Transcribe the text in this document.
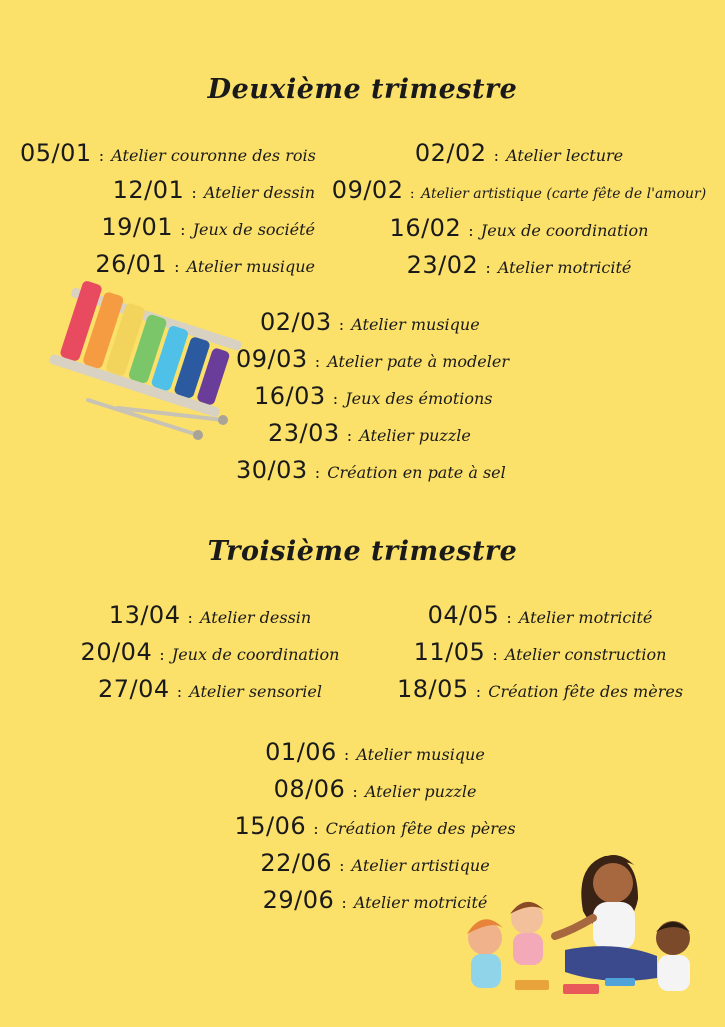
Deuxième trimestre
05/01 : Atelier couronne des rois
12/01 : Atelier dessin
19/01 : Jeux de société
26/01 : Atelier musique
02/02 : Atelier lecture
09/02 : Atelier artistique (carte fête de l'amour)
16/02 : Jeux de coordination
23/02 : Atelier motricité
02/03 : Atelier musique
09/03 : Atelier pate à modeler
16/03 : Jeux des émotions
23/03 : Atelier puzzle
30/03 : Création en pate à sel
Troisième trimestre
13/04 : Atelier dessin
20/04 : Jeux de coordination
27/04 : Atelier sensoriel
04/05 : Atelier motricité
11/05 : Atelier construction
18/05 : Création fête des mères
01/06 : Atelier musique
08/06 : Atelier puzzle
15/06 : Création fête des pères
22/06 : Atelier artistique
29/06 : Atelier motricité
